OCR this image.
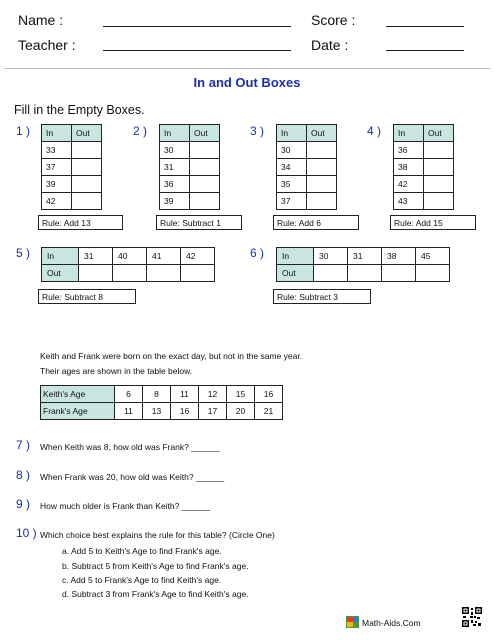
Name :	Score :
Teacher :	Date :
In and Out Boxes
Fill in the Empty Boxes.
1 ) In	Out
33	
37	
39	
42	
Rule: Add 13
2 ) In	Out
30	
31	
36	
39	
Rule: Subtract 1
3 ) In	Out
30	
34	
35	
37	
Rule: Add 6
4 ) In	Out
36	
38	
42	
43	
Rule: Add 15
5 ) In	31	40	41	42
Out				
Rule: Subtract 8
6 ) In	30	31	38	45
Out				
Rule: Subtract 3
Keith and Frank were born on the exact day, but not in the same year.
Their ages are shown in the table below.
Keith's Age	6	8	11	12	15	16
Frank's Age	11	13	16	17	20	21
7 ) When Keith was 8, how old was Frank? ______
8 ) When Frank was 20, how old was Keith? ______
9 ) How much older is Frank than Keith? ______
10 ) Which choice best explains the rule for this table? (Circle One)
a. Add 5 to Keith's Age to find Frank's age.
b. Subtract 5 from Keith's Age to find Frank's age.
c. Add 5 to Frank's Age to find Keith's age.
d. Subtract 3 from Frank's Age to find Keith's age.
Math-Aids.Com
